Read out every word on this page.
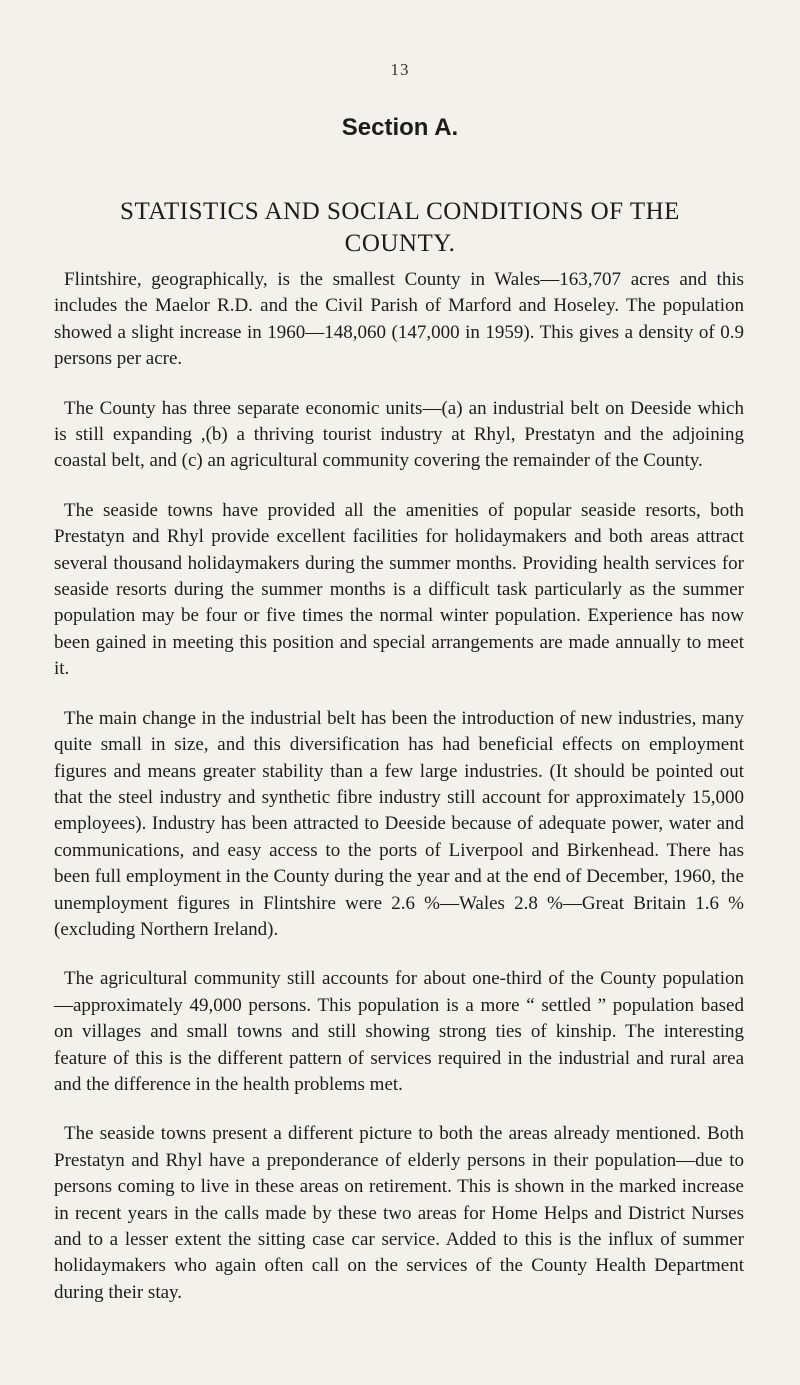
13
Section A.
STATISTICS AND SOCIAL CONDITIONS OF THE COUNTY.

Flintshire, geographically, is the smallest County in Wales—163,707 acres and this includes the Maelor R.D. and the Civil Parish of Marford and Hoseley. The population showed a slight increase in 1960—148,060 (147,000 in 1959). This gives a density of 0.9 persons per acre.

The County has three separate economic units—(a) an industrial belt on Deeside which is still expanding ,(b) a thriving tourist industry at Rhyl, Prestatyn and the adjoining coastal belt, and (c) an agricultural community covering the remainder of the County.

The seaside towns have provided all the amenities of popular seaside resorts, both Prestatyn and Rhyl provide excellent facilities for holidaymakers and both areas attract several thousand holidaymakers during the summer months. Providing health services for seaside resorts during the summer months is a difficult task particularly as the summer population may be four or five times the normal winter population. Experience has now been gained in meeting this position and special arrangements are made annually to meet it.

The main change in the industrial belt has been the introduction of new industries, many quite small in size, and this diversification has had beneficial effects on employment figures and means greater stability than a few large industries. (It should be pointed out that the steel industry and synthetic fibre industry still account for approximately 15,000 employees). Industry has been attracted to Deeside because of adequate power, water and communications, and easy access to the ports of Liverpool and Birkenhead. There has been full employment in the County during the year and at the end of December, 1960, the unemployment figures in Flintshire were 2.6 %—Wales 2.8 %—Great Britain 1.6 % (excluding Northern Ireland).

The agricultural community still accounts for about one-third of the County population—approximately 49,000 persons. This population is a more “ settled ” population based on villages and small towns and still showing strong ties of kinship. The interesting feature of this is the different pattern of services required in the industrial and rural area and the difference in the health problems met.

The seaside towns present a different picture to both the areas already mentioned. Both Prestatyn and Rhyl have a preponderance of elderly persons in their population—due to persons coming to live in these areas on retirement. This is shown in the marked increase in recent years in the calls made by these two areas for Home Helps and District Nurses and to a lesser extent the sitting case car service. Added to this is the influx of summer holidaymakers who again often call on the services of the County Health Department during their stay.
